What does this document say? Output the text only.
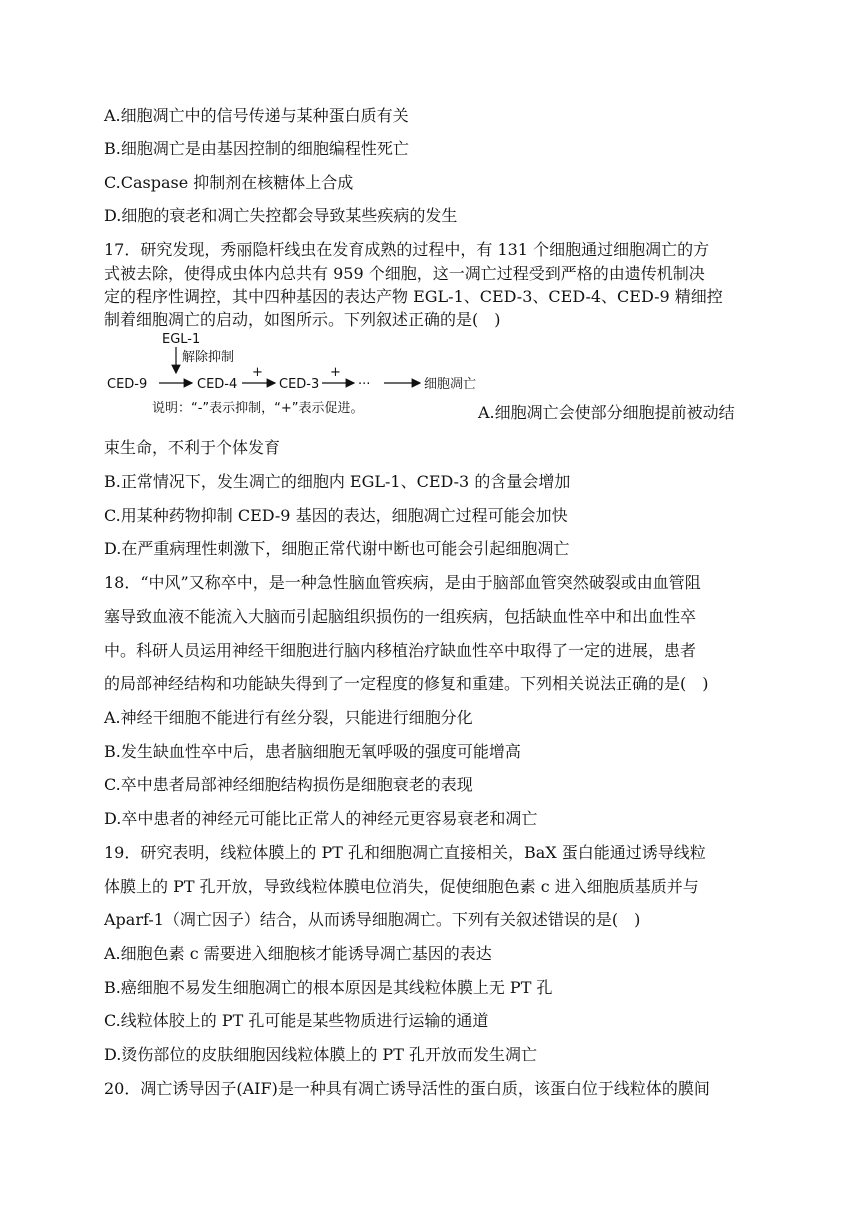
A.细胞凋亡中的信号传递与某种蛋白质有关
B.细胞凋亡是由基因控制的细胞编程性死亡
C.Caspase 抑制剂在核糖体上合成
D.细胞的衰老和凋亡失控都会导致某些疾病的发生
17．研究发现，秀丽隐杆线虫在发育成熟的过程中，有 131 个细胞通过细胞凋亡的方
式被去除，使得成虫体内总共有 959 个细胞，这一凋亡过程受到严格的由遗传机制决
定的程序性调控，其中四种基因的表达产物 EGL-1、CED-3、CED-4、CED-9 精细控
制着细胞凋亡的启动，如图所示。下列叙述正确的是(　)
EGL-1
解除抑制
CED-9	CED-4
+
CED-3
+
···	细胞凋亡
说明：“-”表示抑制，“+”表示促进。	A.细胞凋亡会使部分细胞提前被动结
束生命，不利于个体发育
B.正常情况下，发生凋亡的细胞内 EGL-1、CED-3 的含量会增加
C.用某种药物抑制 CED-9 基因的表达，细胞凋亡过程可能会加快
D.在严重病理性刺激下，细胞正常代谢中断也可能会引起细胞凋亡
18．“中风”又称卒中，是一种急性脑血管疾病，是由于脑部血管突然破裂或由血管阻
塞导致血液不能流入大脑而引起脑组织损伤的一组疾病，包括缺血性卒中和出血性卒
中。科研人员运用神经干细胞进行脑内移植治疗缺血性卒中取得了一定的进展，患者
的局部神经结构和功能缺失得到了一定程度的修复和重建。下列相关说法正确的是(　)
A.神经干细胞不能进行有丝分裂，只能进行细胞分化
B.发生缺血性卒中后，患者脑细胞无氧呼吸的强度可能增高
C.卒中患者局部神经细胞结构损伤是细胞衰老的表现
D.卒中患者的神经元可能比正常人的神经元更容易衰老和凋亡
19．研究表明，线粒体膜上的 PT 孔和细胞凋亡直接相关，BaX 蛋白能通过诱导线粒
体膜上的 PT 孔开放，导致线粒体膜电位消失，促使细胞色素 c 进入细胞质基质并与
Aparf-1（凋亡因子）结合，从而诱导细胞凋亡。下列有关叙述错误的是(　)
A.细胞色素 c 需要进入细胞核才能诱导凋亡基因的表达
B.癌细胞不易发生细胞凋亡的根本原因是其线粒体膜上无 PT 孔
C.线粒体胶上的 PT 孔可能是某些物质进行运输的通道
D.烫伤部位的皮肤细胞因线粒体膜上的 PT 孔开放而发生凋亡
20．凋亡诱导因子(AIF)是一种具有凋亡诱导活性的蛋白质，该蛋白位于线粒体的膜间
